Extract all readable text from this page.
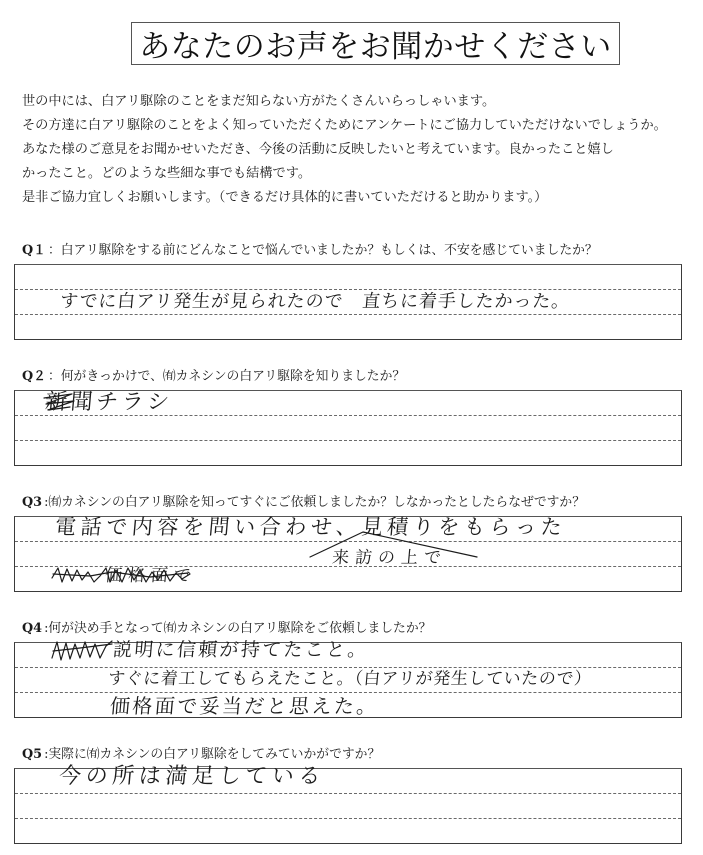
あなたのお声をお聞かせください
世の中には、白アリ駆除のことをまだ知らない方がたくさんいらっしゃいます。
その方達に白アリ駆除のことをよく知っていただくためにアンケートにご協力していただけないでしょうか。
あなた様のご意見をお聞かせいただき、今後の活動に反映したいと考えています。良かったこと嬉し
かったこと。どのような些細な事でも結構です。
是非ご協力宜しくお願いします。（できるだけ具体的に書いていただけると助かります。）
Q１ ：白アリ駆除をする前にどんなことで悩んでいましたか？もしくは、不安を感じていましたか？
すでに白アリ発生が見られたので　直ちに着手したかった。
Q２ ：何がきっかけで、㈲カネシンの白アリ駆除を知りましたか？
新聞チラシ
Q3 :㈲カネシンの白アリ駆除を知ってすぐにご依頼しましたか？しなかったとしたらなぜですか？
電話で内容を問い合わせ、見積りをもらった
来訪の上で
価格面で
Q4 :何が決め手となって㈲カネシンの白アリ駆除をご依頼しましたか？
説明に信頼が持てたこと。
すぐに着工してもらえたこと。（白アリが発生していたので）
価格面で妥当だと思えた。
Q5 :実際に㈲カネシンの白アリ駆除をしてみていかがですか？
今の所は満足している
